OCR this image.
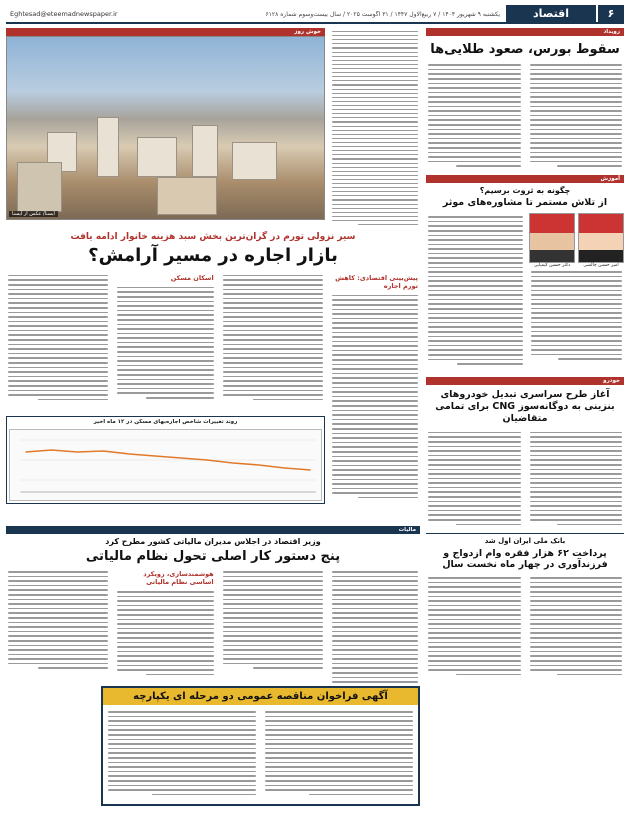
۶
اقتصاد
یکشنبه ۹ شهریور ۱۴۰۴ / ۷ ربیع‌الاول ۱۴۴۷ / ۳۱ آگوست ۲۰۲۵ / سال بیست‌وسوم شماره ۶۱۲۸
Eghtesad@eteemadnewspaper.ir
رویداد
سقوط بورس، صعود طلایی‌ها
آموزش
چگونه به ثروت برسیم؟
از تلاش مستمر تا مشاوره‌های موثر
امیر حسین چالشی
دکتر حسین کیمیایی
خودرو
آغاز طرح سراسری تبدیل خودروهای بنزینی به دوگانه‌سوز CNG برای تمامی متقاضیان
بانک ملی ایران اول شد
پرداخت ۶۲ هزار فقره وام ازدواج و فرزندآوری در چهار ماه نخست سال
خوش روز
ایسنا/ عکس از ایسنا
سیر نزولی تورم در گران‌ترین بخش سبد هزینه خانوار ادامه یافت
بازار اجاره در مسیر آرامش؟
پیش‌بینی اقتصادی: کاهش تورم اجاره
اسکان مسکن
روند تغییرات شاخص اجاره‌بهای مسکن در ۱۲ ماه اخیر
مالیات
وزیر اقتصاد در اجلاس مدیران مالیاتی کشور مطرح کرد
پنج دستور کار اصلی تحول نظام مالیاتی
هوشمندسازی، رویکرد اساسی نظام مالیاتی
آگهی فراخوان مناقصه عمومی دو مرحله ای یکپارچه
